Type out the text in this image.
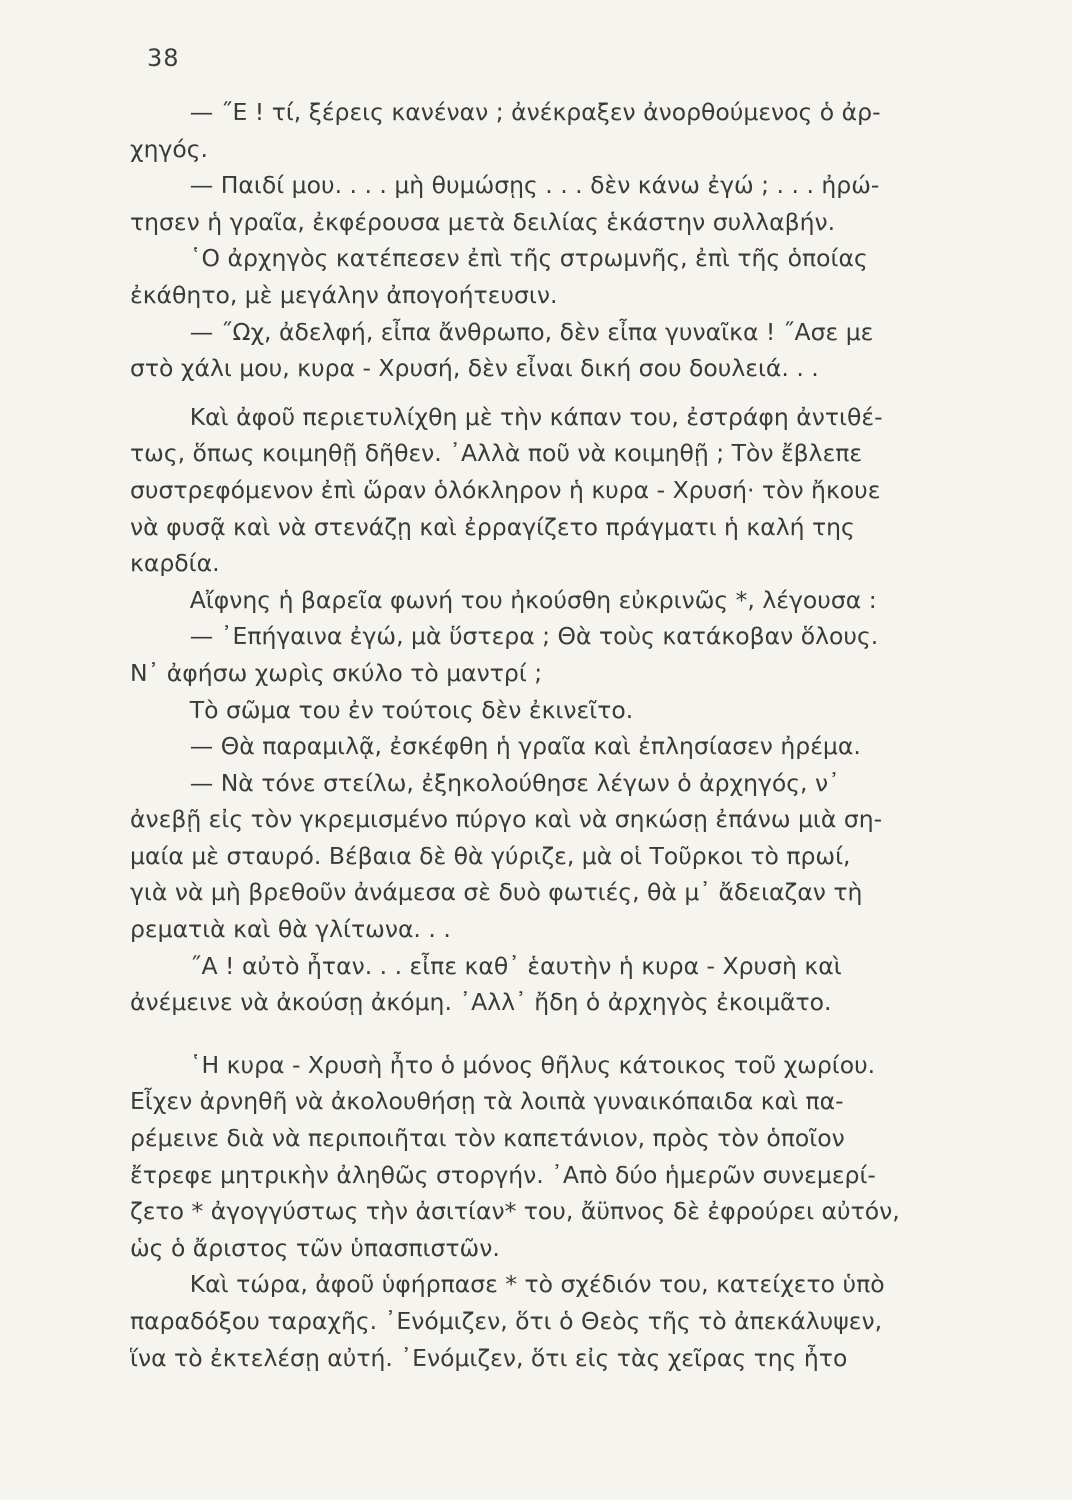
38
— ˝Ε ! τί, ξέρεις κανέναν ; ἀνέκραξεν ἀνορθούμενος ὁ ἀρ-
χηγός.
— Παιδί μου. . . . μὴ θυμώσῃς . . . δὲν κάνω ἐγώ ; . . . ἠρώ-
τησεν ἡ γραῖα, ἐκφέρουσα μετὰ δειλίας ἑκάστην συλλαβήν.
῾Ο ἀρχηγὸς κατέπεσεν ἐπὶ τῆς στρωμνῆς, ἐπὶ τῆς ὁποίας
ἐκάθητο, μὲ μεγάλην ἀπογοήτευσιν.
— ˝Ωχ, ἀδελφή, εἶπα ἄνθρωπο, δὲν εἶπα γυναῖκα ! ˝Ασε με
στὸ χάλι μου, κυρα - Χρυσή, δὲν εἶναι δική σου δουλειά. . .
Καὶ ἀφοῦ περιετυλίχθη μὲ τὴν κάπαν του, ἐστράφη ἀντιθέ-
τως, ὅπως κοιμηθῇ δῆθεν. ᾿Αλλὰ ποῦ νὰ κοιμηθῇ ; Τὸν ἔβλεπε
συστρεφόμενον ἐπὶ ὥραν ὁλόκληρον ἡ κυρα - Χρυσή· τὸν ἤκουε
νὰ φυσᾷ καὶ νὰ στενάζῃ καὶ ἐρραγίζετο πράγματι ἡ καλή της
καρδία.
Αἴφνης ἡ βαρεῖα φωνή του ἠκούσθη εὐκρινῶς *, λέγουσα :
— ᾿Επήγαινα ἐγώ, μὰ ὕστερα ; Θὰ τοὺς κατάκοβαν ὅλους.
Ν᾿ ἀφήσω χωρὶς σκύλο τὸ μαντρί ;
Τὸ σῶμα του ἐν τούτοις δὲν ἐκινεῖτο.
— Θὰ παραμιλᾷ, ἐσκέφθη ἡ γραῖα καὶ ἐπλησίασεν ἠρέμα.
— Νὰ τόνε στείλω, ἐξηκολούθησε λέγων ὁ ἀρχηγός, ν᾿
ἀνεβῇ εἰς τὸν γκρεμισμένο πύργο καὶ νὰ σηκώσῃ ἐπάνω μιὰ ση-
μαία μὲ σταυρό. Βέβαια δὲ θὰ γύριζε, μὰ οἱ Τοῦρκοι τὸ πρωί,
γιὰ νὰ μὴ βρεθοῦν ἀνάμεσα σὲ δυὸ φωτιές, θὰ μ᾿ ἄδειαζαν τὴ
ρεματιὰ καὶ θὰ γλίτωνα. . .
˝Α ! αὐτὸ ἦταν. . . εἶπε καθ᾿ ἑαυτὴν ἡ κυρα - Χρυσὴ καὶ
ἀνέμεινε νὰ ἀκούσῃ ἀκόμη. ᾿Αλλ᾿ ἤδη ὁ ἀρχηγὸς ἐκοιμᾶτο.
῾Η κυρα - Χρυσὴ ἦτο ὁ μόνος θῆλυς κάτοικος τοῦ χωρίου.
Εἶχεν ἀρνηθῆ νὰ ἀκολουθήσῃ τὰ λοιπὰ γυναικόπαιδα καὶ πα-
ρέμεινε διὰ νὰ περιποιῆται τὸν καπετάνιον, πρὸς τὸν ὁποῖον
ἔτρεφε μητρικὴν ἀληθῶς στοργήν. ᾿Απὸ δύο ἡμερῶν συνεμερί-
ζετο * ἀγογγύστως τὴν ἀσιτίαν* του, ἄϋπνος δὲ ἐφρούρει αὐτόν,
ὡς ὁ ἄριστος τῶν ὑπασπιστῶν.
Καὶ τώρα, ἀφοῦ ὑφήρπασε * τὸ σχέδιόν του, κατείχετο ὑπὸ
παραδόξου ταραχῆς. ᾿Ενόμιζεν, ὅτι ὁ Θεὸς τῆς τὸ ἀπεκάλυψεν,
ἵνα τὸ ἐκτελέσῃ αὐτή. ᾿Ενόμιζεν, ὅτι εἰς τὰς χεῖρας της ἦτο
